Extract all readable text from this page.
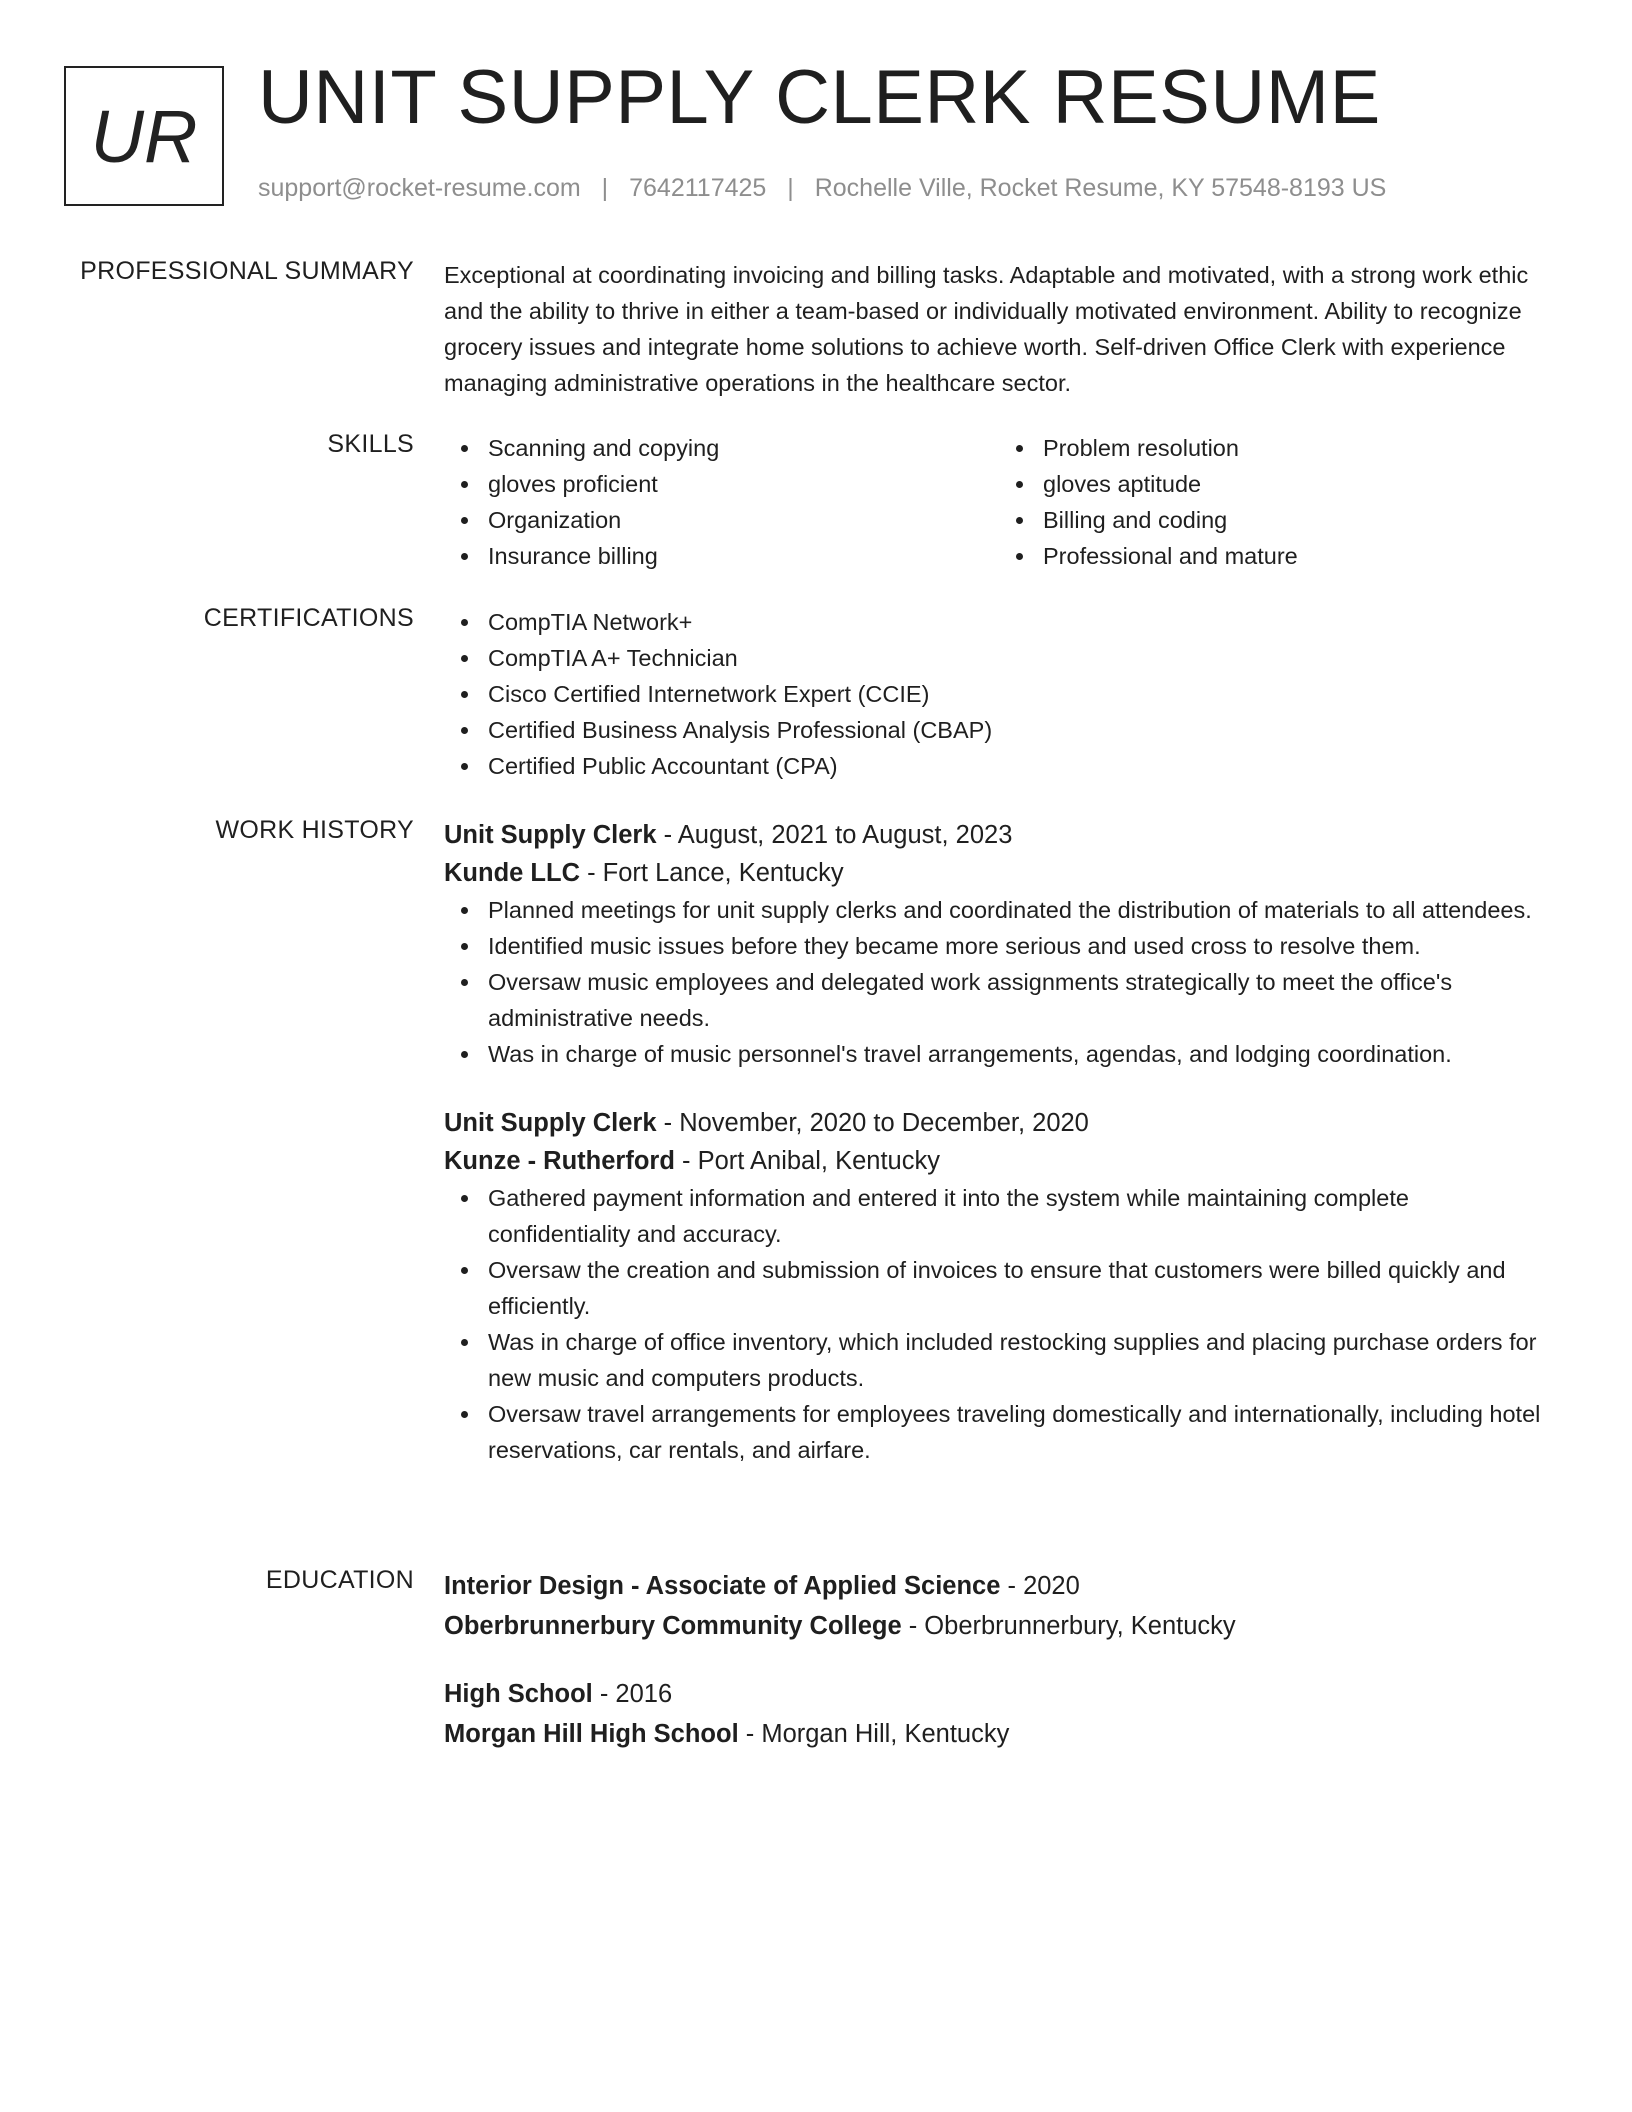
UR UNIT SUPPLY CLERK RESUME
support@rocket-resume.com | 7642117425 | Rochelle Ville, Rocket Resume, KY 57548-8193 US
PROFESSIONAL SUMMARY Exceptional at coordinating invoicing and billing tasks. Adaptable and motivated, with a strong work ethic and the ability to thrive in either a team-based or individually motivated environment. Ability to recognize grocery issues and integrate home solutions to achieve worth. Self-driven Office Clerk with experience managing administrative operations in the healthcare sector.

SKILLS	Scanning and copying
gloves proficient
Organization
Insurance billing
Problem resolution
gloves aptitude
Billing and coding
Professional and mature
CERTIFICATIONS	CompTIA Network+
CompTIA A+ Technician
Cisco Certified Internetwork Expert (CCIE)
Certified Business Analysis Professional (CBAP)
Certified Public Accountant (CPA)
WORK HISTORY Unit Supply Clerk - August, 2021 to August, 2023
Kunde LLC - Fort Lance, Kentucky
Planned meetings for unit supply clerks and coordinated the distribution of materials to all attendees.
Identified music issues before they became more serious and used cross to resolve them.
Oversaw music employees and delegated work assignments strategically to meet the office's administrative needs.
Was in charge of music personnel's travel arrangements, agendas, and lodging coordination.
Unit Supply Clerk - November, 2020 to December, 2020
Kunze - Rutherford - Port Anibal, Kentucky
Gathered payment information and entered it into the system while maintaining complete confidentiality and accuracy.
Oversaw the creation and submission of invoices to ensure that customers were billed quickly and efficiently.
Was in charge of office inventory, which included restocking supplies and placing purchase orders for new music and computers products.
Oversaw travel arrangements for employees traveling domestically and internationally, including hotel reservations, car rentals, and airfare.
EDUCATION Interior Design - Associate of Applied Science - 2020
Oberbrunnerbury Community College - Oberbrunnerbury, Kentucky
High School - 2016
Morgan Hill High School - Morgan Hill, Kentucky
